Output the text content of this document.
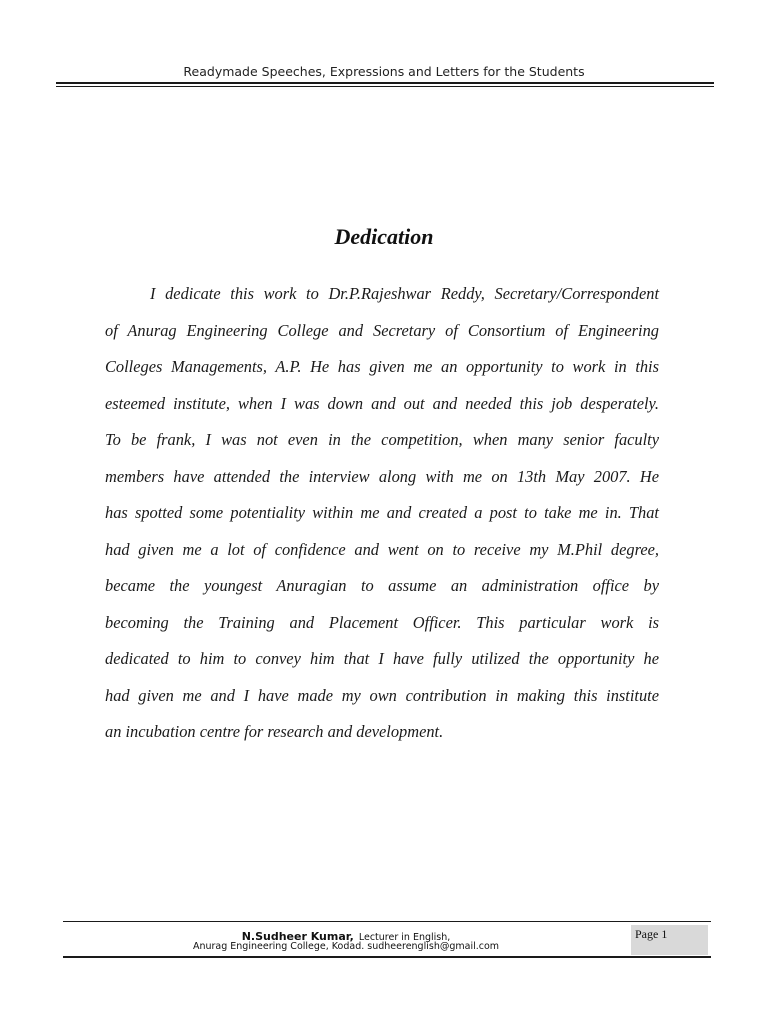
Readymade Speeches, Expressions and Letters for the Students
Dedication
I dedicate this work to Dr.P.Rajeshwar Reddy, Secretary/Correspondent
of Anurag Engineering College and Secretary of Consortium of Engineering
Colleges Managements, A.P. He has given me an opportunity to work in this
esteemed institute, when I was down and out and needed this job desperately.
To be frank, I was not even in the competition, when many senior faculty
members have attended the interview along with me on 13th May 2007. He
has spotted some potentiality within me and created a post to take me in. That
had given me a lot of confidence and went on to receive my M.Phil degree,
became the youngest Anuragian to assume an administration office by
becoming the Training and Placement Officer. This particular work is
dedicated to him to convey him that I have fully utilized the opportunity he
had given me and I have made my own contribution in making this institute
an incubation centre for research and development.
N.Sudheer Kumar, Lecturer in English,
Anurag Engineering College, Kodad. sudheerenglish@gmail.com
Page 1
